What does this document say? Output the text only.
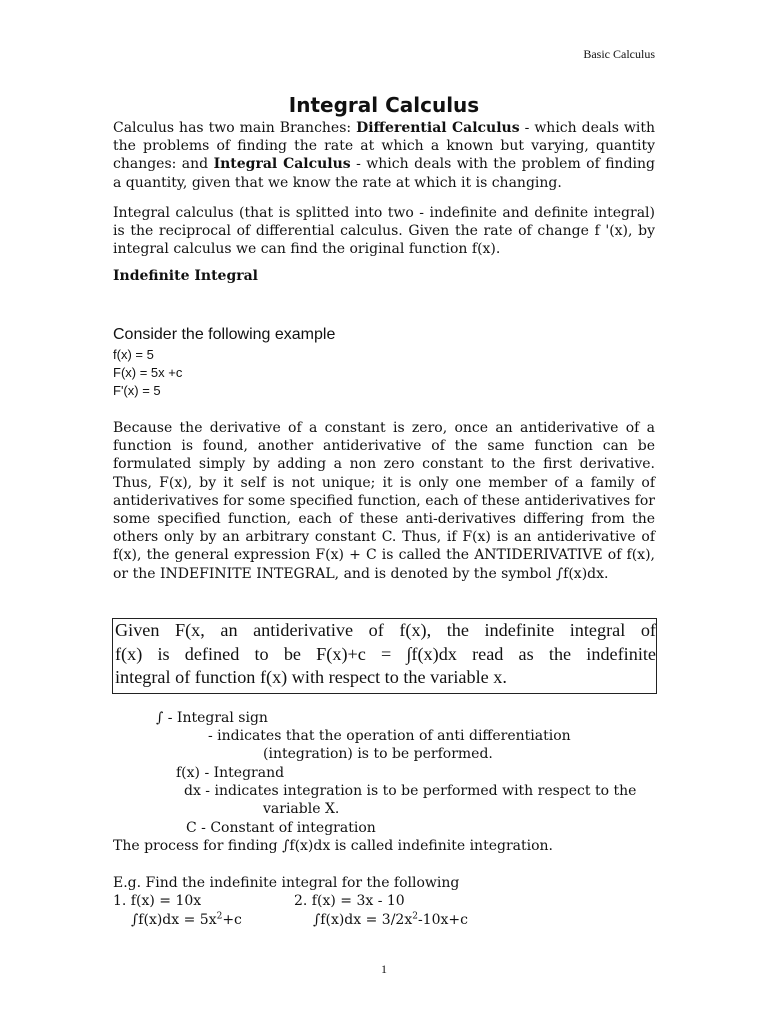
Basic Calculus
Integral Calculus
Calculus has two main Branches: Differential Calculus - which deals with the problems of finding the rate at which a known but varying, quantity changes: and Integral Calculus - which deals with the problem of finding a quantity, given that we know the rate at which it is changing.
Integral calculus (that is splitted into two - indefinite and definite integral) is the reciprocal of differential calculus. Given the rate of change f '(x), by integral calculus we can find the original function f(x).
Indefinite Integral
Consider the following example
f(x) = 5
F(x) = 5x +c
F'(x) = 5
Because the derivative of a constant is zero, once an antiderivative of a function is found, another antiderivative of the same function can be formulated simply by adding a non zero constant to the first derivative. Thus, F(x), by it self is not unique; it is only one member of a family of antiderivatives for some specified function, each of these antiderivatives for some specified function, each of these anti-derivatives differing from the others only by an arbitrary constant C. Thus, if F(x) is an antiderivative of f(x), the general expression F(x) + C is called the ANTIDERIVATIVE of f(x), or the INDEFINITE INTEGRAL, and is denoted by the symbol ∫f(x)dx.

Given F(x, an antiderivative of f(x), the indefinite integral of
f(x) is defined to be F(x)+c = ∫f(x)dx read as the indefinite
integral of function f(x) with respect to the variable x.

∫ - Integral sign
- indicates that the operation of anti differentiation
(integration) is to be performed.
f(x) - Integrand
dx - indicates integration is to be performed with respect to the
variable X.
C - Constant of integration
The process for finding ∫f(x)dx is called indefinite integration.
E.g. Find the indefinite integral for the following
1. f(x) = 10x	2. f(x) = 3x - 10
$\int f(x)dx = 5x^2+c$	$\int f(x)dx = 3/2x^2-10x+c$
1
